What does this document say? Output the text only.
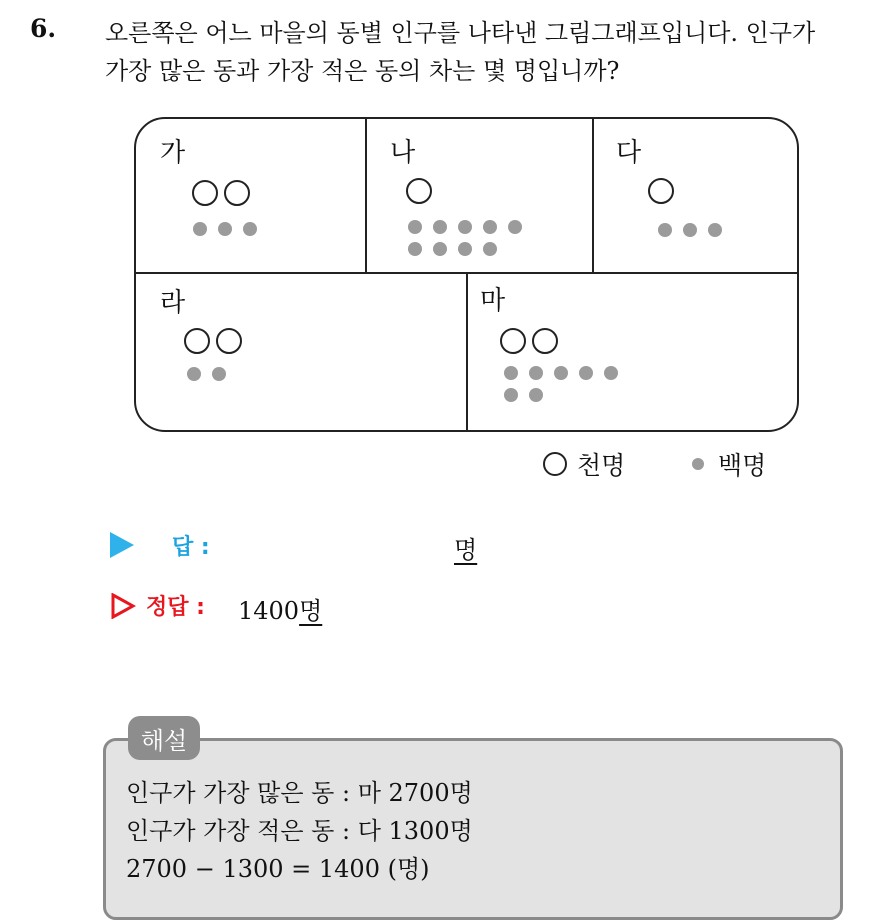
6. 오른쪽은 어느 마을의 동별 인구를 나타낸 그림그래프입니다. 인구가
가장 많은 동과 가장 적은 동의 차는 몇 명입니까?
가	나	다
라	마
천명	백명
답 :	명
정답 : 1400명
해설
인구가 가장 많은 동 : 마 2700명
인구가 가장 적은 동 : 다 1300명
2700 − 1300 = 1400 (명)
